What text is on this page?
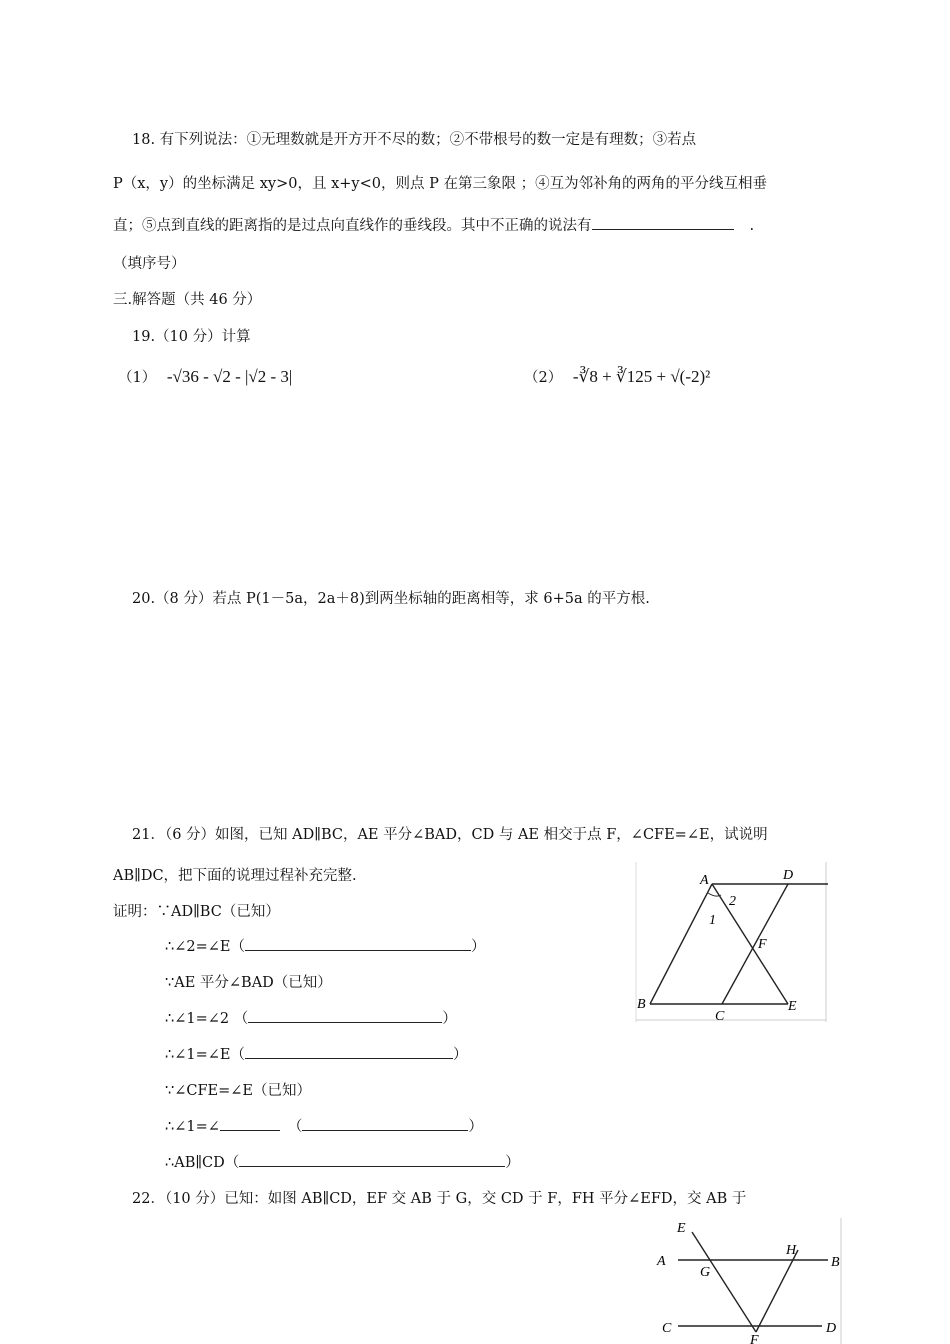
18. 有下列说法：①无理数就是开方开不尽的数；②不带根号的数一定是有理数；③若点
P（x，y）的坐标满足 xy>0，且 x+y<0，则点 P 在第三象限 ；④互为邻补角的两角的平分线互相垂
直；⑤点到直线的距离指的是过点向直线作的垂线段。其中不正确的说法有	.
（填序号）
三.解答题（共 46 分）
19.（10 分）计算
（1） -√36 - √2 - |√2 - 3|	（2） -∛8 + ∛125 + √(-2)²
20.（8 分）若点 P(1－5a，2a＋8)到两坐标轴的距离相等，求 6+5a 的平方根.
21．（6 分）如图，已知 AD∥BC，AE 平分∠BAD，CD 与 AE 相交于点 F，∠CFE=∠E，试说明
AB∥DC，把下面的说理过程补充完整.
证明：∵AD∥BC（已知）
∴∠2=∠E（	）
∵AE 平分∠BAD（已知）
∴∠1=∠2 （	）
∴∠1=∠E（	）
∵∠CFE=∠E（已知）
∴∠1=∠	（	）
∴AB∥CD（	）
A	D
2
1
F
B
C
E
22．（10 分）已知：如图 AB∥CD，EF 交 AB 于 G，交 CD 于 F，FH 平分∠EFD，交 AB 于
E
A
H
B
G
C
F
D
